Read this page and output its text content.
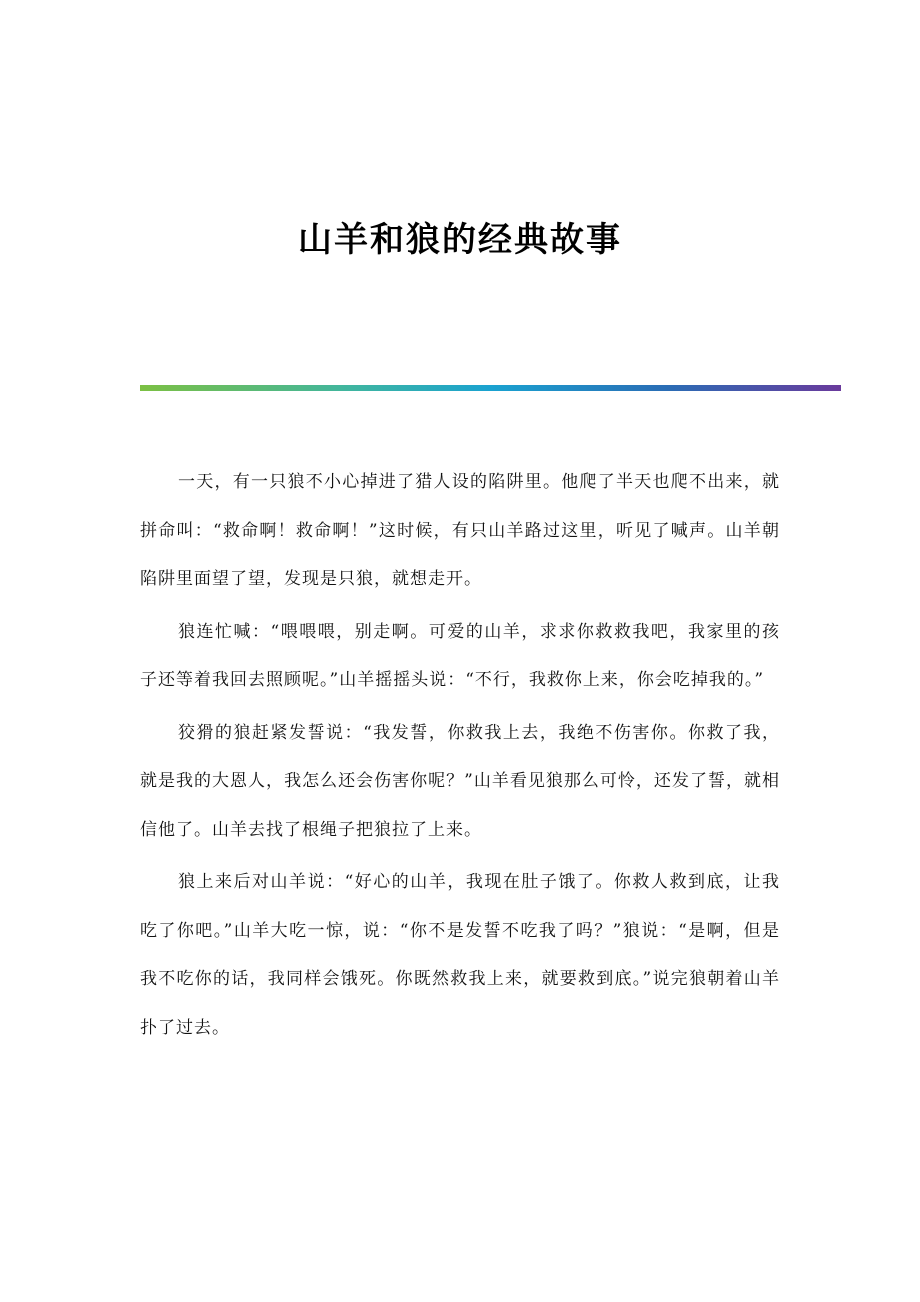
山羊和狼的经典故事

一天，有一只狼不小心掉进了猎人设的陷阱里。他爬了半天也爬不出来，就拼命叫：“救命啊！救命啊！”这时候，有只山羊路过这里，听见了喊声。山羊朝陷阱里面望了望，发现是只狼，就想走开。

狼连忙喊：“喂喂喂，别走啊。可爱的山羊，求求你救救我吧，我家里的孩子还等着我回去照顾呢。”山羊摇摇头说：“不行，我救你上来，你会吃掉我的。”

狡猾的狼赶紧发誓说：“我发誓，你救我上去，我绝不伤害你。你救了我，就是我的大恩人，我怎么还会伤害你呢？”山羊看见狼那么可怜，还发了誓，就相信他了。山羊去找了根绳子把狼拉了上来。

狼上来后对山羊说：“好心的山羊，我现在肚子饿了。你救人救到底，让我吃了你吧。”山羊大吃一惊，说：“你不是发誓不吃我了吗？”狼说：“是啊，但是我不吃你的话，我同样会饿死。你既然救我上来，就要救到底。”说完狼朝着山羊扑了过去。
